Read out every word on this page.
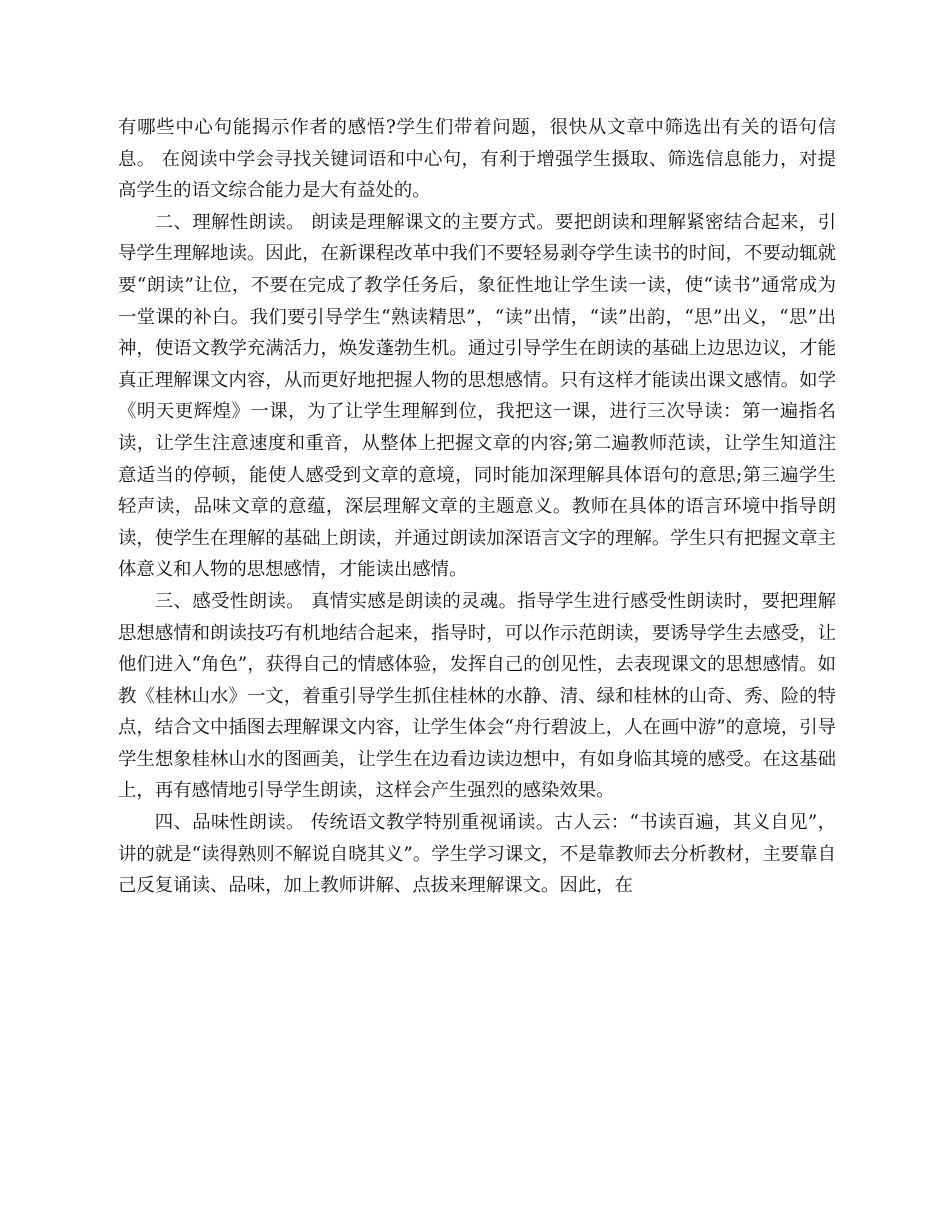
有哪些中心句能揭示作者的感悟?学生们带着问题，很快从文章中筛选出有关的语句信息。 在阅读中学会寻找关键词语和中心句，有利于增强学生摄取、筛选信息能力，对提高学生的语文综合能力是大有益处的。

二、理解性朗读。 朗读是理解课文的主要方式。要把朗读和理解紧密结合起来，引导学生理解地读。因此，在新课程改革中我们不要轻易剥夺学生读书的时间，不要动辄就要“朗读”让位，不要在完成了教学任务后，象征性地让学生读一读，使“读书”通常成为一堂课的补白。我们要引导学生“熟读精思”，“读”出情，“读”出韵，“思”出义，“思”出神，使语文教学充满活力，焕发蓬勃生机。通过引导学生在朗读的基础上边思边议，才能真正理解课文内容，从而更好地把握人物的思想感情。只有这样才能读出课文感情。如学《明天更辉煌》一课，为了让学生理解到位，我把这一课，进行三次导读：第一遍指名读，让学生注意速度和重音，从整体上把握文章的内容;第二遍教师范读，让学生知道注意适当的停顿，能使人感受到文章的意境，同时能加深理解具体语句的意思;第三遍学生轻声读，品味文章的意蕴，深层理解文章的主题意义。教师在具体的语言环境中指导朗读，使学生在理解的基础上朗读，并通过朗读加深语言文字的理解。学生只有把握文章主体意义和人物的思想感情，才能读出感情。

三、感受性朗读。 真情实感是朗读的灵魂。指导学生进行感受性朗读时，要把理解思想感情和朗读技巧有机地结合起来，指导时，可以作示范朗读，要诱导学生去感受，让他们进入“角色”，获得自己的情感体验，发挥自己的创见性，去表现课文的思想感情。如教《桂林山水》一文，着重引导学生抓住桂林的水静、清、绿和桂林的山奇、秀、险的特点，结合文中插图去理解课文内容，让学生体会“舟行碧波上，人在画中游”的意境，引导学生想象桂林山水的图画美，让学生在边看边读边想中，有如身临其境的感受。在这基础上，再有感情地引导学生朗读，这样会产生强烈的感染效果。

四、品味性朗读。 传统语文教学特别重视诵读。古人云：“书读百遍，其义自见”，讲的就是“读得熟则不解说自晓其义”。学生学习课文，不是靠教师去分析教材，主要靠自己反复诵读、品味，加上教师讲解、点拔来理解课文。因此，在
